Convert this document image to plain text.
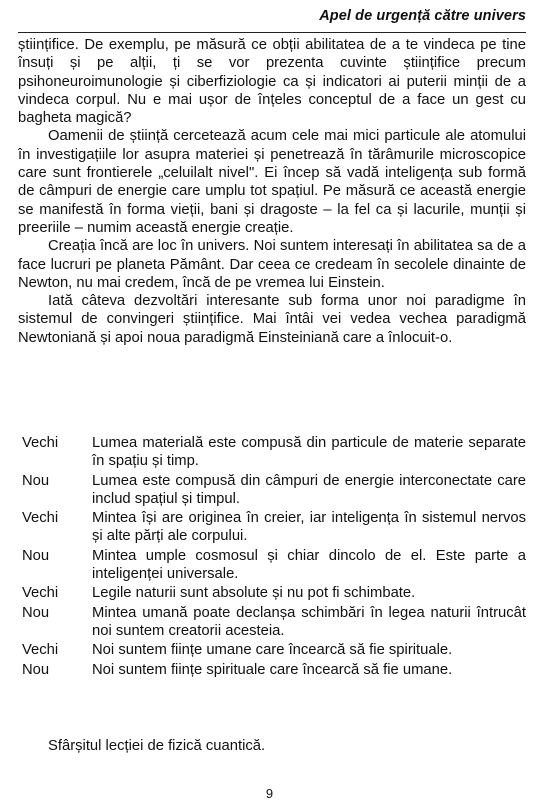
Apel de urgență către univers

științifice. De exemplu, pe măsură ce obții abilitatea de a te vindeca pe tine însuți și pe alții, ți se vor prezenta cuvinte științifice precum psihoneuroimunologie și ciberfiziologie ca și indicatori ai puterii minții de a vindeca corpul. Nu e mai ușor de înțeles conceptul de a face un gest cu bagheta magică?

Oamenii de știință cercetează acum cele mai mici particule ale atomului în investigațiile lor asupra materiei și penetrează în tărâmurile microscopice care sunt frontierele „celuilalt nivel". Ei încep să vadă inteligența sub formă de câmpuri de energie care umplu tot spațiul. Pe măsură ce această energie se manifestă în forma vieții, bani și dragoste – la fel ca și lacurile, munții și preeriile – numim această energie creație.

Creația încă are loc în univers. Noi suntem interesați în abilitatea sa de a face lucruri pe planeta Pământ. Dar ceea ce credeam în secolele dinainte de Newton, nu mai credem, încă de pe vremea lui Einstein.

Iată câteva dezvoltări interesante sub forma unor noi paradigme în sistemul de convingeri științifice. Mai întâi vei vedea vechea paradigmă Newtoniană și apoi noua paradigmă Einsteiniană care a înlocuit-o.

Vechi	Lumea materială este compusă din particule de materie separate în spațiu și timp.
Nou	Lumea este compusă din câmpuri de energie interconectate care includ spațiul și timpul.
Vechi	Mintea își are originea în creier, iar inteligența în sistemul nervos și alte părți ale corpului.
Nou	Mintea umple cosmosul și chiar dincolo de el. Este parte a inteligenței universale.
Vechi	Legile naturii sunt absolute și nu pot fi schimbate.
Nou	Mintea umană poate declanșa schimbări în legea naturii întrucât noi suntem creatorii acesteia.
Vechi	Noi suntem ființe umane care încearcă să fie spirituale.
Nou	Noi suntem ființe spirituale care încearcă să fie umane.
Sfârșitul lecției de fizică cuantică.
9
